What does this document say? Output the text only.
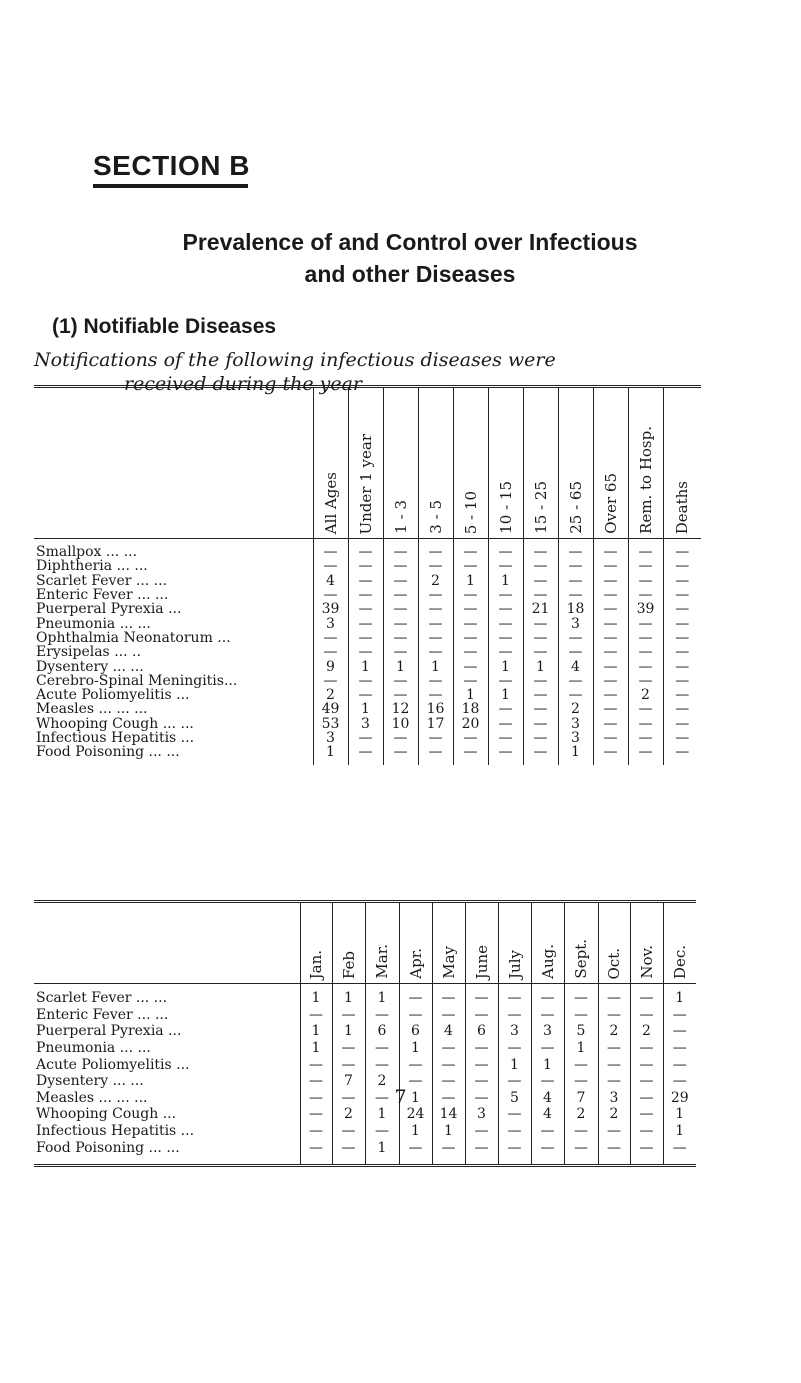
SECTION B
Prevalence of and Control over Infectious
and other Diseases
(1) Notifiable Diseases
Notifications of the following infectious diseases were
received during the year
	All Ages	Under 1 year	1 - 3	3 - 5	5 - 10	10 - 15	15 - 25	25 - 65	Over 65	Rem. to Hosp.	Deaths
Smallpox ... ...	—	—	—	—	—	—	—	—	—	—	—
Diphtheria ... ...	—	—	—	—	—	—	—	—	—	—	—
Scarlet Fever ... ...	4	—	—	2	1	1	—	—	—	—	—
Enteric Fever ... ...	—	—	—	—	—	—	—	—	—	—	—
Puerperal Pyrexia ...	39	—	—	—	—	—	21	18	—	39	—
Pneumonia ... ...	3	—	—	—	—	—	—	3	—	—	—
Ophthalmia Neonatorum ...	—	—	—	—	—	—	—	—	—	—	—
Erysipelas ... ..	—	—	—	—	—	—	—	—	—	—	—
Dysentery ... ...	9	1	1	1	—	1	1	4	—	—	—
Cerebro-Spinal Meningitis...	—	—	—	—	—	—	—	—	—	—	—
Acute Poliomyelitis ...	2	—	—	—	1	1	—	—	—	2	—
Measles ... ... ...	49	1	12	16	18	—	—	2	—	—	—
Whooping Cough ... ...	53	3	10	17	20	—	—	3	—	—	—
Infectious Hepatitis ...	3	—	—	—	—	—	—	3	—	—	—
Food Poisoning ... ...	1	—	—	—	—	—	—	1	—	—	—
	Jan.	Feb	Mar.	Apr.	May	June	July	Aug.	Sept.	Oct.	Nov.	Dec.
Scarlet Fever ... ...	1	1	1	—	—	—	—	—	—	—	—	1
Enteric Fever ... ...	—	—	—	—	—	—	—	—	—	—	—	—
Puerperal Pyrexia ...	1	1	6	6	4	6	3	3	5	2	2	—
Pneumonia ... ...	1	—	—	1	—	—	—	—	1	—	—	—
Acute Poliomyelitis ...	—	—	—	—	—	—	1	1	—	—	—	—
Dysentery ... ...	—	7	2	—	—	—	—	—	—	—	—	—
Measles ... ... ...	—	—	—	1	—	—	5	4	7	3	—	29
Whooping Cough ...	—	2	1	24	14	3	—	4	2	2	—	1
Infectious Hepatitis ...	—	—	—	1	1	—	—	—	—	—	—	1
Food Poisoning ... ...	—	—	1	—	—	—	—	—	—	—	—	—
7
